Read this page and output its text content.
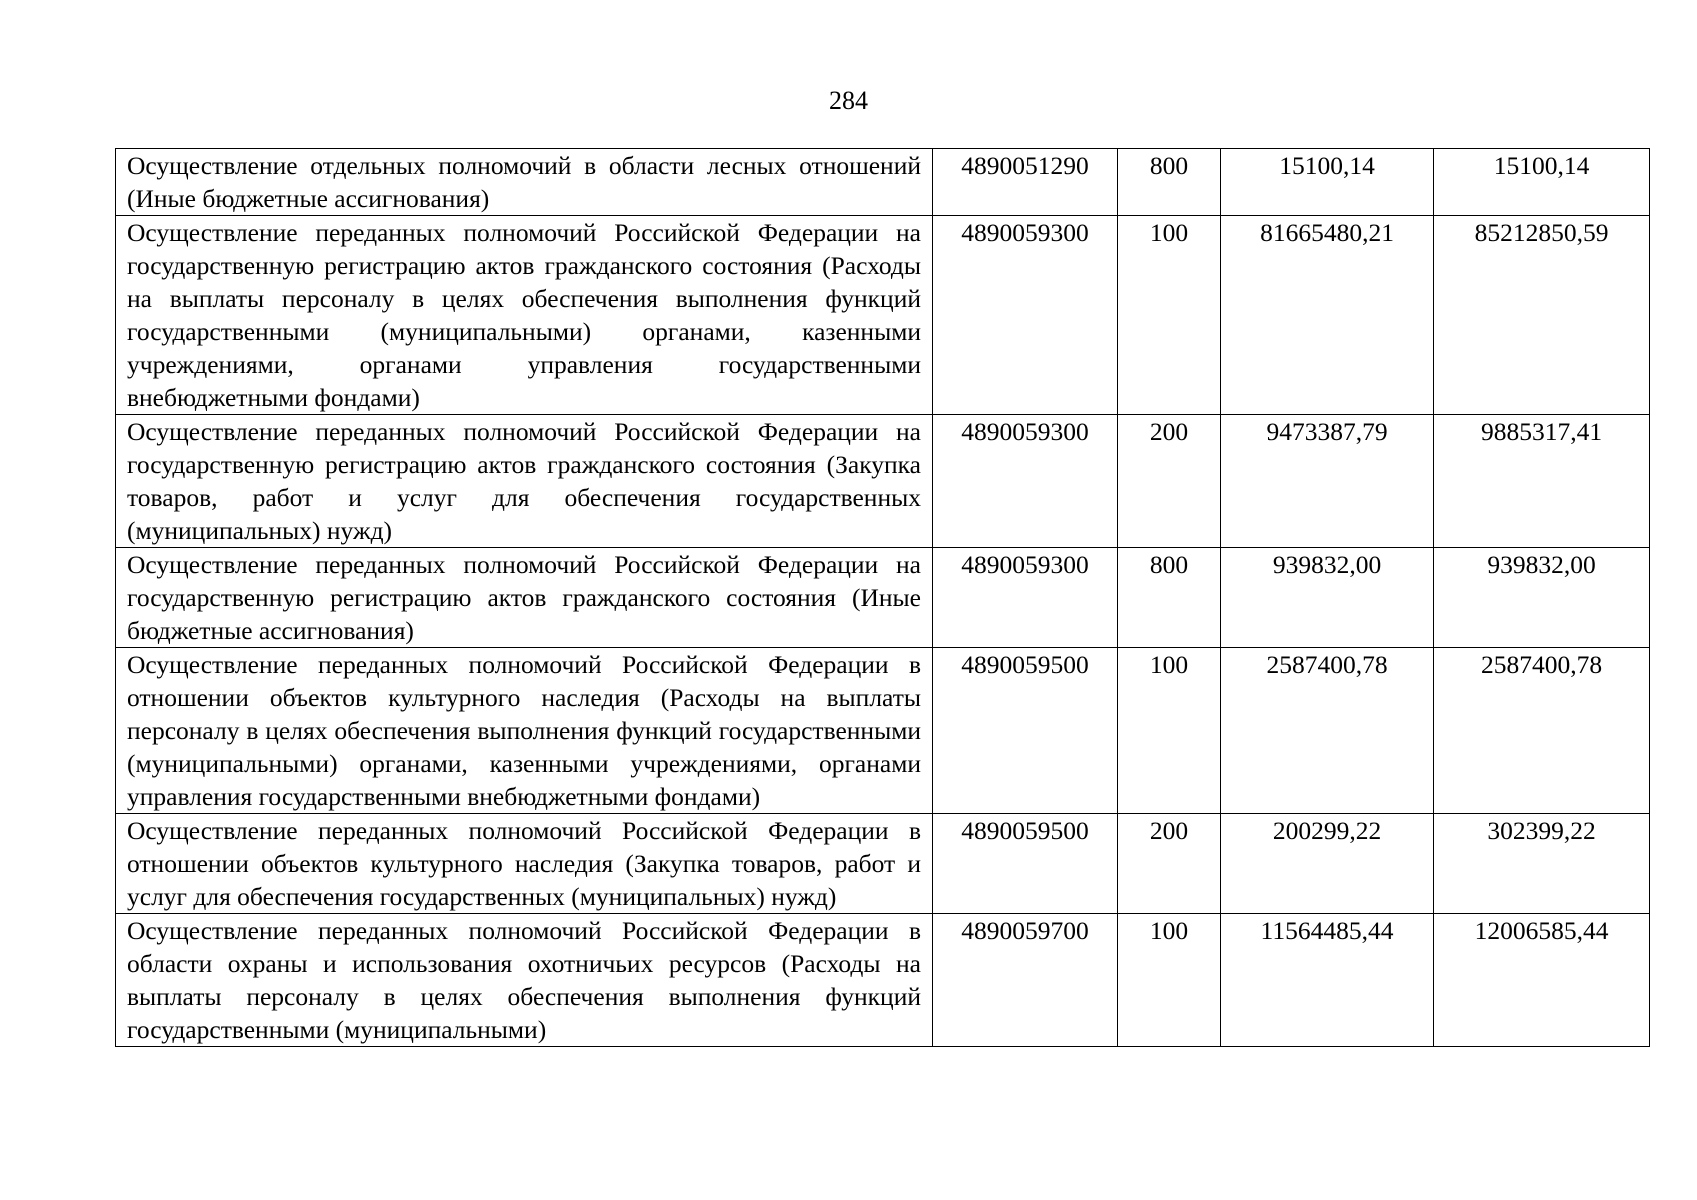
284
Осуществление отдельных полномочий в области лесных отношений (Иные бюджетные ассигнования)	4890051290	800	15100,14	15100,14
Осуществление переданных полномочий Российской Федерации на государственную регистрацию актов гражданского состояния (Расходы на выплаты персоналу в целях обеспечения выполнения функций государственными (муниципальными) органами, казенными учреждениями, органами управления государственными внебюджетными фондами)	4890059300	100	81665480,21	85212850,59
Осуществление переданных полномочий Российской Федерации на государственную регистрацию актов гражданского состояния (Закупка товаров, работ и услуг для обеспечения государственных (муниципальных) нужд)	4890059300	200	9473387,79	9885317,41
Осуществление переданных полномочий Российской Федерации на государственную регистрацию актов гражданского состояния (Иные бюджетные ассигнования)	4890059300	800	939832,00	939832,00
Осуществление переданных полномочий Российской Федерации в отношении объектов культурного наследия (Расходы на выплаты персоналу в целях обеспечения выполнения функций государственными (муниципальными) органами, казенными учреждениями, органами управления государственными внебюджетными фондами)	4890059500	100	2587400,78	2587400,78
Осуществление переданных полномочий Российской Федерации в отношении объектов культурного наследия (Закупка товаров, работ и услуг для обеспечения государственных (муниципальных) нужд)	4890059500	200	200299,22	302399,22
Осуществление переданных полномочий Российской Федерации в области охраны и использования охотничьих ресурсов (Расходы на выплаты персоналу в целях обеспечения выполнения функций государственными (муниципальными)	4890059700	100	11564485,44	12006585,44
